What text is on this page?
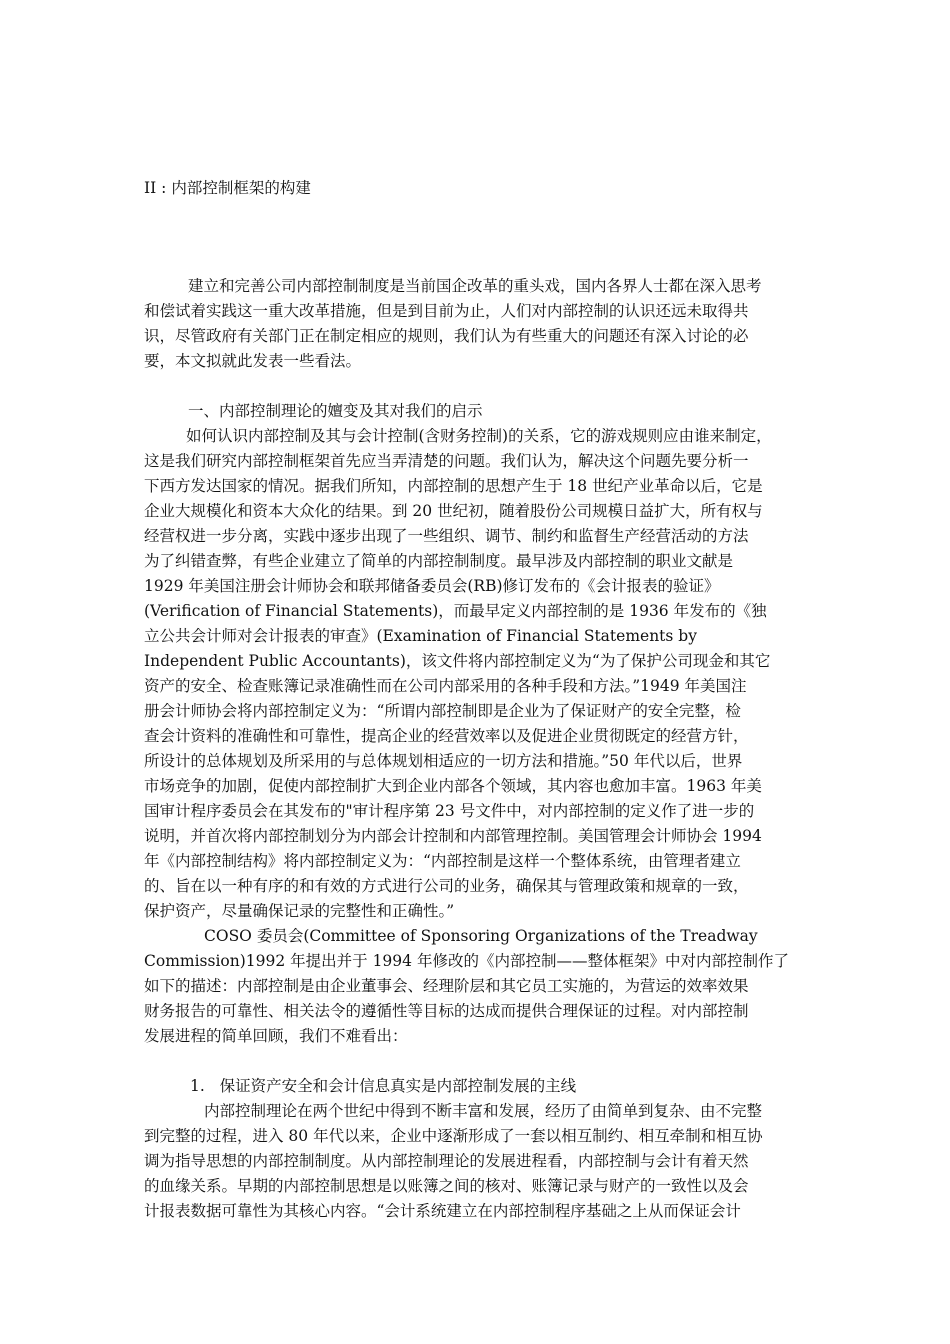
II : 内部控制框架的构建
建立和完善公司内部控制制度是当前国企改革的重头戏，国内各界人士都在深入思考
和偿试着实践这一重大改革措施，但是到目前为止，人们对内部控制的认识还远未取得共
识，尽管政府有关部门正在制定相应的规则，我们认为有些重大的问题还有深入讨论的必
要，本文拟就此发表一些看法。
一、内部控制理论的嬗变及其对我们的启示
如何认识内部控制及其与会计控制(含财务控制)的关系，它的游戏规则应由谁来制定，
这是我们研究内部控制框架首先应当弄清楚的问题。我们认为，解决这个问题先要分析一
下西方发达国家的情况。据我们所知，内部控制的思想产生于 18 世纪产业革命以后，它是
企业大规模化和资本大众化的结果。到 20 世纪初，随着股份公司规模日益扩大，所有权与
经营权进一步分离，实践中逐步出现了一些组织、调节、制约和监督生产经营活动的方法
为了纠错查弊，有些企业建立了简单的内部控制制度。最早涉及内部控制的职业文献是
1929 年美国注册会计师协会和联邦储备委员会(RB)修订发布的《会计报表的验证》
(Verification of Financial Statements)，而最早定义内部控制的是 1936 年发布的《独
立公共会计师对会计报表的审查》(Examination of Financial Statements by
Independent Public Accountants)，该文件将内部控制定义为“为了保护公司现金和其它
资产的安全、检查账簿记录准确性而在公司内部采用的各种手段和方法。”1949 年美国注
册会计师协会将内部控制定义为：“所谓内部控制即是企业为了保证财产的安全完整，检
查会计资料的准确性和可靠性，提高企业的经营效率以及促进企业贯彻既定的经营方针，
所设计的总体规划及所采用的与总体规划相适应的一切方法和措施。”50 年代以后，世界
市场竞争的加剧，促使内部控制扩大到企业内部各个领域，其内容也愈加丰富。1963 年美
国审计程序委员会在其发布的"审计程序第 23 号文件中，对内部控制的定义作了进一步的
说明，并首次将内部控制划分为内部会计控制和内部管理控制。美国管理会计师协会 1994
年《内部控制结构》将内部控制定义为：“内部控制是这样一个整体系统，由管理者建立
的、旨在以一种有序的和有效的方式进行公司的业务，确保其与管理政策和规章的一致，
保护资产，尽量确保记录的完整性和正确性。”
COSO 委员会(Committee of Sponsoring Organizations of the Treadway
Commission)1992 年提出并于 1994 年修改的《内部控制——整体框架》中对内部控制作了
如下的描述：内部控制是由企业董事会、经理阶层和其它员工实施的，为营运的效率效果
财务报告的可靠性、相关法令的遵循性等目标的达成而提供合理保证的过程。对内部控制
发展进程的简单回顾，我们不难看出：
1.   保证资产安全和会计信息真实是内部控制发展的主线
内部控制理论在两个世纪中得到不断丰富和发展，经历了由简单到复杂、由不完整
到完整的过程，进入 80 年代以来，企业中逐渐形成了一套以相互制约、相互牵制和相互协
调为指导思想的内部控制制度。从内部控制理论的发展进程看，内部控制与会计有着天然
的血缘关系。早期的内部控制思想是以账簿之间的核对、账簿记录与财产的一致性以及会
计报表数据可靠性为其核心内容。“会计系统建立在内部控制程序基础之上从而保证会计
